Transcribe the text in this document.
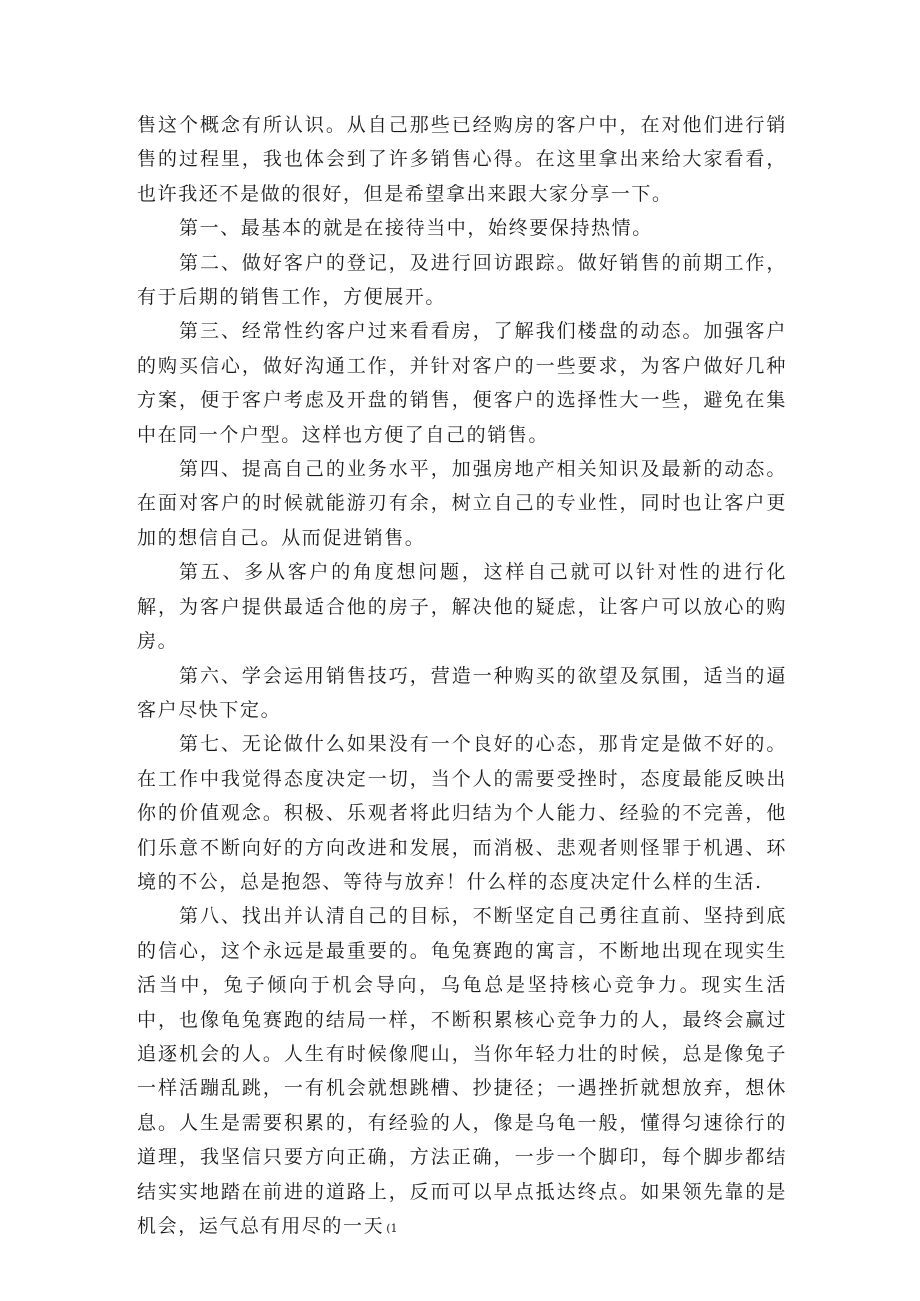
售这个概念有所认识。从自己那些已经购房的客户中，在对他们进行销售的过程里，我也体会到了许多销售心得。在这里拿出来给大家看看，也许我还不是做的很好，但是希望拿出来跟大家分享一下。

第一、最基本的就是在接待当中，始终要保持热情。

第二、做好客户的登记，及进行回访跟踪。做好销售的前期工作，有于后期的销售工作，方便展开。

第三、经常性约客户过来看看房，了解我们楼盘的动态。加强客户的购买信心，做好沟通工作，并针对客户的一些要求，为客户做好几种方案，便于客户考虑及开盘的销售，便客户的选择性大一些，避免在集中在同一个户型。这样也方便了自己的销售。

第四、提高自己的业务水平，加强房地产相关知识及最新的动态。在面对客户的时候就能游刃有余，树立自己的专业性，同时也让客户更加的想信自己。从而促进销售。

第五、多从客户的角度想问题，这样自己就可以针对性的进行化解，为客户提供最适合他的房子，解决他的疑虑，让客户可以放心的购房。

第六、学会运用销售技巧，营造一种购买的欲望及氛围，适当的逼客户尽快下定。

第七、无论做什么如果没有一个良好的心态，那肯定是做不好的。在工作中我觉得态度决定一切，当个人的需要受挫时，态度最能反映出你的价值观念。积极、乐观者将此归结为个人能力、经验的不完善，他们乐意不断向好的方向改进和发展，而消极、悲观者则怪罪于机遇、环境的不公，总是抱怨、等待与放弃！什么样的态度决定什么样的生活.

第八、找出并认清自己的目标，不断坚定自己勇往直前、坚持到底的信心，这个永远是最重要的。龟兔赛跑的寓言，不断地出现在现实生活当中，兔子倾向于机会导向，乌龟总是坚持核心竞争力。现实生活中，也像龟兔赛跑的结局一样，不断积累核心竞争力的人，最终会赢过追逐机会的人。人生有时候像爬山，当你年轻力壮的时候，总是像兔子一样活蹦乱跳，一有机会就想跳槽、抄捷径；一遇挫折就想放弃，想休息。人生是需要积累的，有经验的人，像是乌龟一般，懂得匀速徐行的道理，我坚信只要方向正确，方法正确，一步一个脚印，每个脚步都结结实实地踏在前进的道路上，反而可以早点抵达终点。如果领先靠的是机会，运气总有用尽的一天 (1
